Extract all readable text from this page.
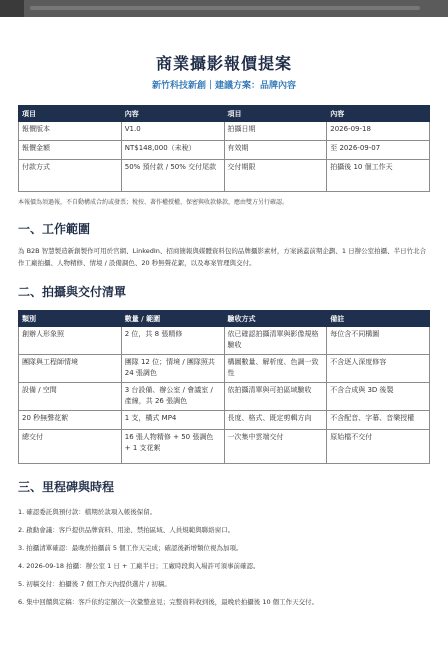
商業攝影報價提案
新竹科技新創｜建議方案：品牌內容
項目	內容	項目	內容
報價版本	V1.0	拍攝日期	2026-09-18
報價金額	NT$148,000（未稅）	有效期	至 2026-09-07
付款方式	50% 預付款 / 50% 交付尾款	交付期限	拍攝後 10 個工作天
本報價為須過報，不自動構成合約或發票；稅按、著作權授權、保密與收款條款，應由雙方另行確認。
一、工作範圍
為 B2B 智慧製造新創製作可用於官網、LinkedIn、招商簡報與媒體資料包的品牌攝影素材，方案涵蓋前期企劃、1 日辦公室拍攝、半日竹北合作工廠拍攝、人物精修、情境 / 設備調色、20 秒無聲花絮，以及專案管理與交付。
二、拍攝與交付清單
類別	數量 / 範圍	驗收方式	備註
創辦人形象照	2 位，共 8 張精修	依已確認拍攝清單與影像規格驗收	每位含不同構圖
團隊與工程師情境	團隊 12 位；情境 / 團隊照共 24 張調色	構圖數量、解析度、色調一致性	不含逐人深度修容
設備 / 空間	3 台設備、辦公室 / 會議室 / 產線，共 26 張調色	依拍攝清單與可拍區域驗收	不含合成與 3D 後製
20 秒無聲花絮	1 支，橫式 MP4	長度、格式、既定剪輯方向	不含配音、字幕、音樂授權
總交付	16 張人物精修 + 50 張調色 + 1 支花絮	一次集中雲端交付	原始檔不交付
三、里程碑與時程
1. 確認委託與預付款：檔期於款項入帳後保留。
2. 啟動會議：客戶提供品牌資料、用途、禁拍區域、人員規範與聯絡窗口。
3. 拍攝清單確認：最晚於拍攝前 5 個工作天完成；確認後新增類位視為加項。
4. 2026-09-18 拍攝：辦公室 1 日 + 工廠半日；工廠時段與入場許可須事前確認。
5. 初稿交付：拍攝後 7 個工作天內提供選片 / 初稿。
6. 集中回饋與定稿：客戶依約定額次一次彙整意見；完整資料收到後，最晚於拍攝後 10 個工作天交付。
